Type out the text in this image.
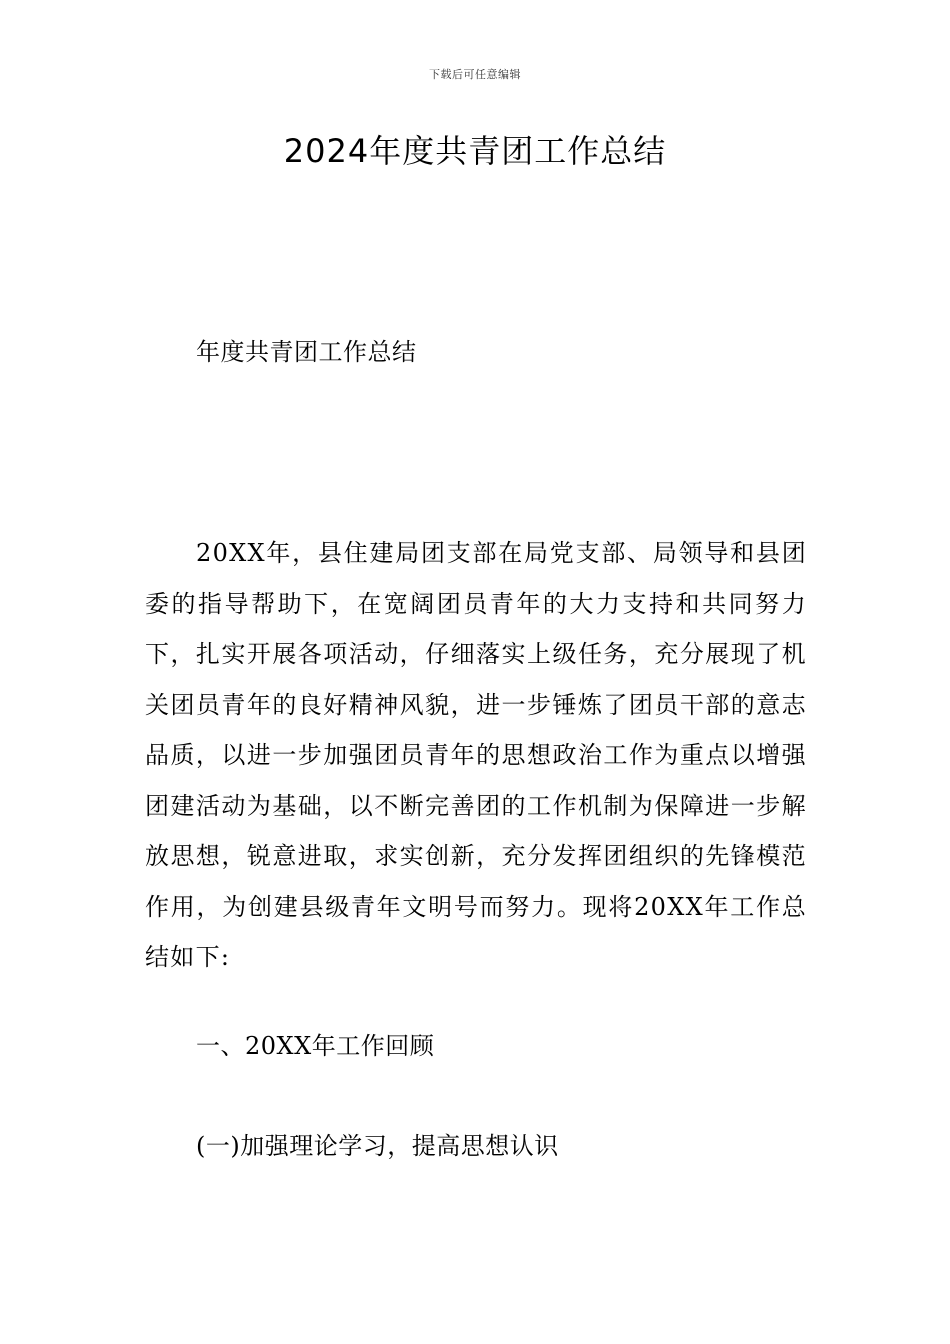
下载后可任意编辑
2024年度共青团工作总结
年度共青团工作总结

20XX年，县住建局团支部在局党支部、局领导和县团委的指导帮助下，在宽阔团员青年的大力支持和共同努力下，扎实开展各项活动，仔细落实上级任务，充分展现了机关团员青年的良好精神风貌，进一步锤炼了团员干部的意志品质，以进一步加强团员青年的思想政治工作为重点以增强团建活动为基础，以不断完善团的工作机制为保障进一步解放思想，锐意进取，求实创新，充分发挥团组织的先锋模范作用，为创建县级青年文明号而努力。现将20XX年工作总结如下:

一、20XX年工作回顾
(一)加强理论学习，提高思想认识
